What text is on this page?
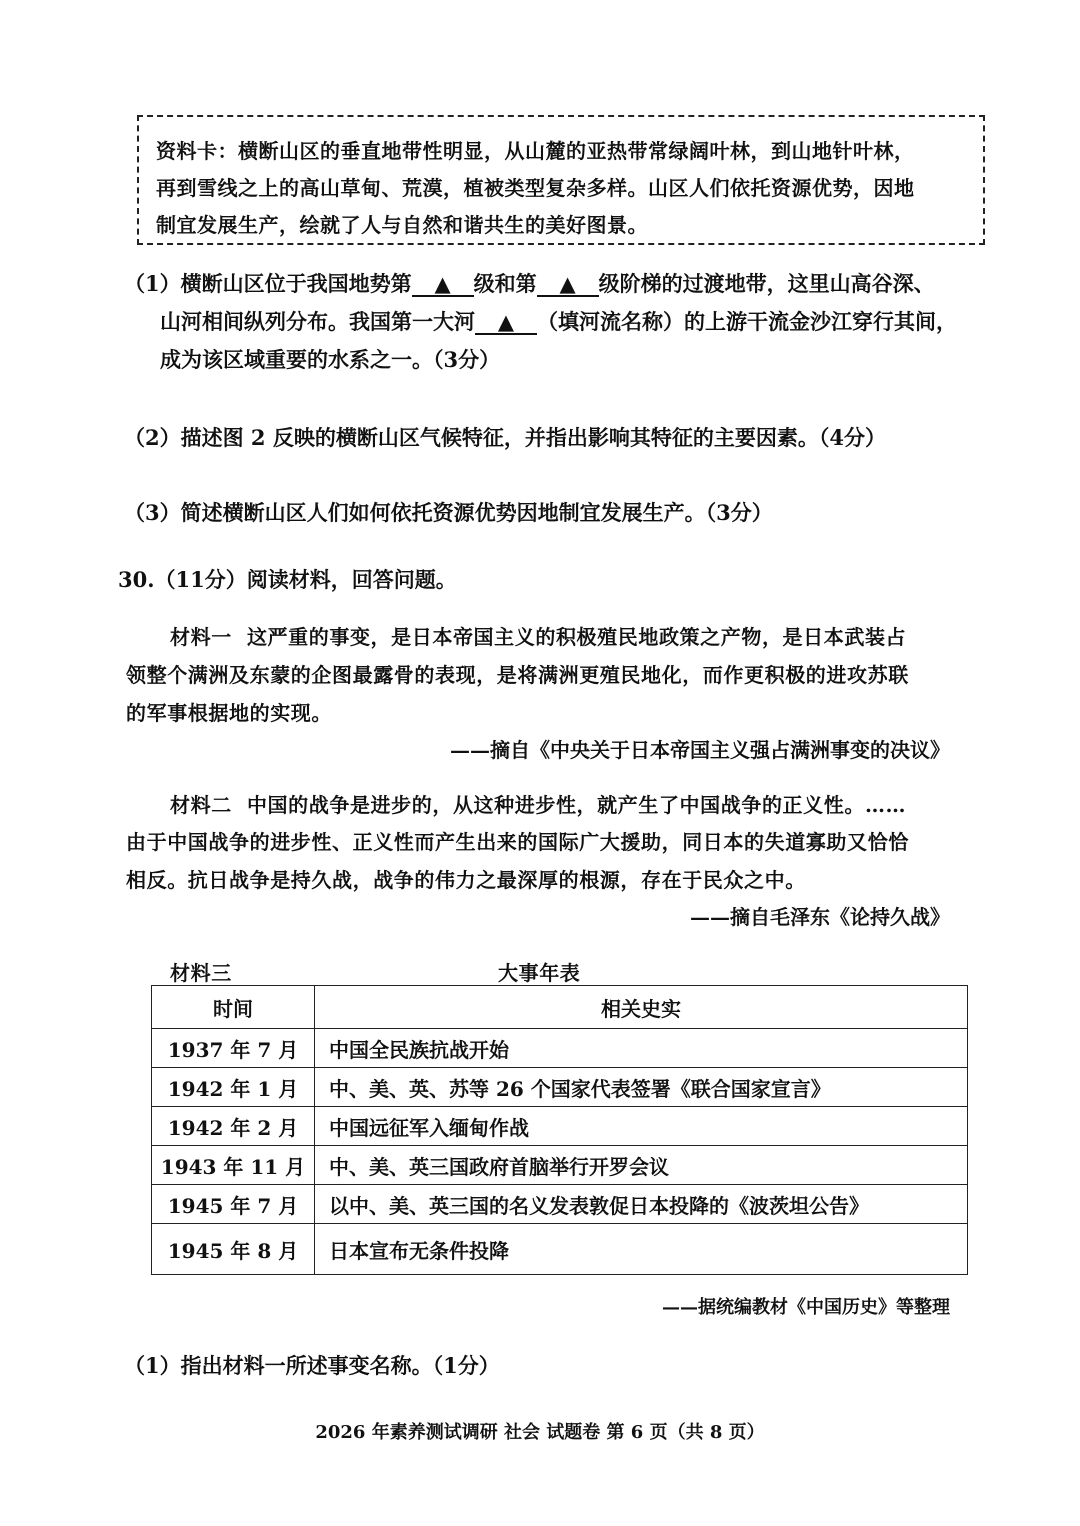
资料卡：横断山区的垂直地带性明显，从山麓的亚热带常绿阔叶林，到山地针叶林，
再到雪线之上的高山草甸、荒漠，植被类型复杂多样。山区人们依托资源优势，因地
制宜发展生产，绘就了人与自然和谐共生的美好图景。
（1）横断山区位于我国地势第 ▲ 级和第 ▲ 级阶梯的过渡地带，这里山高谷深、
山河相间纵列分布。我国第一大河 ▲ （填河流名称）的上游干流金沙江穿行其间，
成为该区域重要的水系之一。（3分）
（2）描述图 2 反映的横断山区气候特征，并指出影响其特征的主要因素。（4分）
（3）简述横断山区人们如何依托资源优势因地制宜发展生产。（3分）
30.（11分）阅读材料，回答问题。
材料一 这严重的事变，是日本帝国主义的积极殖民地政策之产物，是日本武装占
领整个满洲及东蒙的企图最露骨的表现，是将满洲更殖民地化，而作更积极的进攻苏联
的军事根据地的实现。
——摘自《中央关于日本帝国主义强占满洲事变的决议》
材料二 中国的战争是进步的，从这种进步性，就产生了中国战争的正义性。……
由于中国战争的进步性、正义性而产生出来的国际广大援助，同日本的失道寡助又恰恰
相反。抗日战争是持久战，战争的伟力之最深厚的根源，存在于民众之中。
——摘自毛泽东《论持久战》
材料三	大事年表
时间	相关史实
1937 年 7 月	中国全民族抗战开始
1942 年 1 月	中、美、英、苏等 26 个国家代表签署《联合国家宣言》
1942 年 2 月	中国远征军入缅甸作战
1943 年 11 月	中、美、英三国政府首脑举行开罗会议
1945 年 7 月	以中、美、英三国的名义发表敦促日本投降的《波茨坦公告》
1945 年 8 月	日本宣布无条件投降
——据统编教材《中国历史》等整理
（1）指出材料一所述事变名称。（1分）
2026 年素养测试调研 社会 试题卷 第 6 页（共 8 页）
